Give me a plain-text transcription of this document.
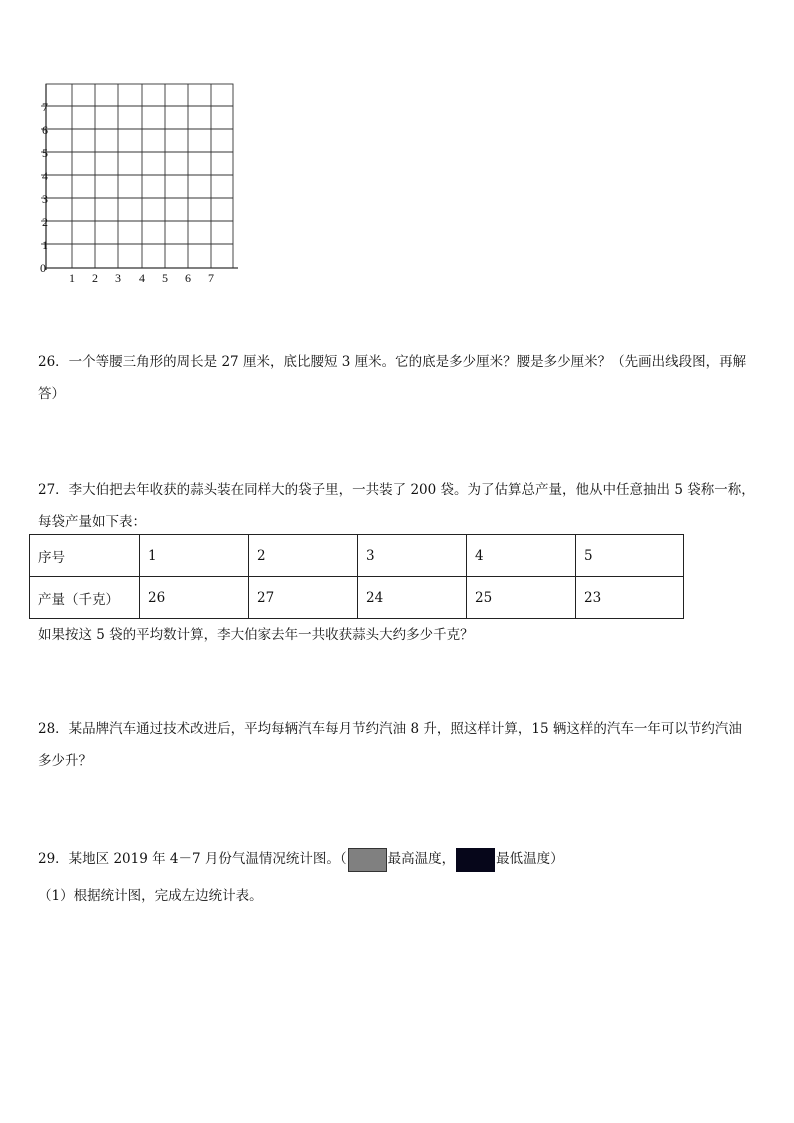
7
6
5
4
3
2
1
0
1 2 3 4 5 6 7

26．一个等腰三角形的周长是 27 厘米，底比腰短 3 厘米。它的底是多少厘米？腰是多少厘米？（先画出线段图，再解

答）

27．李大伯把去年收获的蒜头装在同样大的袋子里，一共装了 200 袋。为了估算总产量，他从中任意抽出 5 袋称一称，

每袋产量如下表：

序号	1	2	3	4	5
产量（千克）	26	27	24	25	23

如果按这 5 袋的平均数计算，李大伯家去年一共收获蒜头大约多少千克？

28．某品牌汽车通过技术改进后，平均每辆汽车每月节约汽油 8 升，照这样计算，15 辆这样的汽车一年可以节约汽油

多少升？

29．某地区 2019 年 4－7 月份气温情况统计图。（	最高温度，	最低温度）

（1）根据统计图，完成左边统计表。
